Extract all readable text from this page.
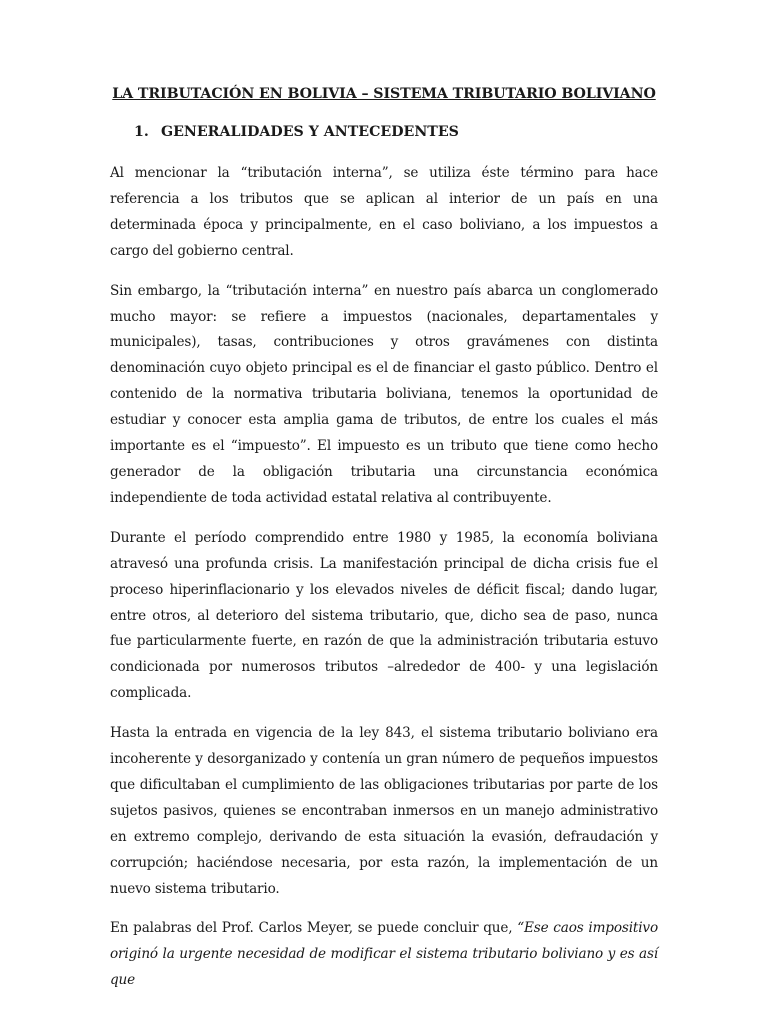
LA TRIBUTACIÓN EN BOLIVIA – SISTEMA TRIBUTARIO BOLIVIANO
1. GENERALIDADES Y ANTECEDENTES

Al mencionar la “tributación interna”, se utiliza éste término para hace referencia a los tributos que se aplican al interior de un país en una determinada época y principalmente, en el caso boliviano, a los impuestos a cargo del gobierno central.

Sin embargo, la “tributación interna” en nuestro país abarca un conglomerado mucho mayor: se refiere a impuestos (nacionales, departamentales y municipales), tasas, contribuciones y otros gravámenes con distinta denominación cuyo objeto principal es el de financiar el gasto público. Dentro el contenido de la normativa tributaria boliviana, tenemos la oportunidad de estudiar y conocer esta amplia gama de tributos, de entre los cuales el más importante es el “impuesto”. El impuesto es un tributo que tiene como hecho generador de la obligación tributaria una circunstancia económica independiente de toda actividad estatal relativa al contribuyente.

Durante el período comprendido entre 1980 y 1985, la economía boliviana atravesó una profunda crisis. La manifestación principal de dicha crisis fue el proceso hiperinflacionario y los elevados niveles de déficit fiscal; dando lugar, entre otros, al deterioro del sistema tributario, que, dicho sea de paso, nunca fue particularmente fuerte, en razón de que la administración tributaria estuvo condicionada por numerosos tributos –alrededor de 400- y una legislación complicada.

Hasta la entrada en vigencia de la ley 843, el sistema tributario boliviano era incoherente y desorganizado y contenía un gran número de pequeños impuestos que dificultaban el cumplimiento de las obligaciones tributarias por parte de los sujetos pasivos, quienes se encontraban inmersos en un manejo administrativo en extremo complejo, derivando de esta situación la evasión, defraudación y corrupción; haciéndose necesaria, por esta razón, la implementación de un nuevo sistema tributario.

En palabras del Prof. Carlos Meyer, se puede concluir que, “Ese caos impositivo originó la urgente necesidad de modificar el sistema tributario boliviano y es así que
